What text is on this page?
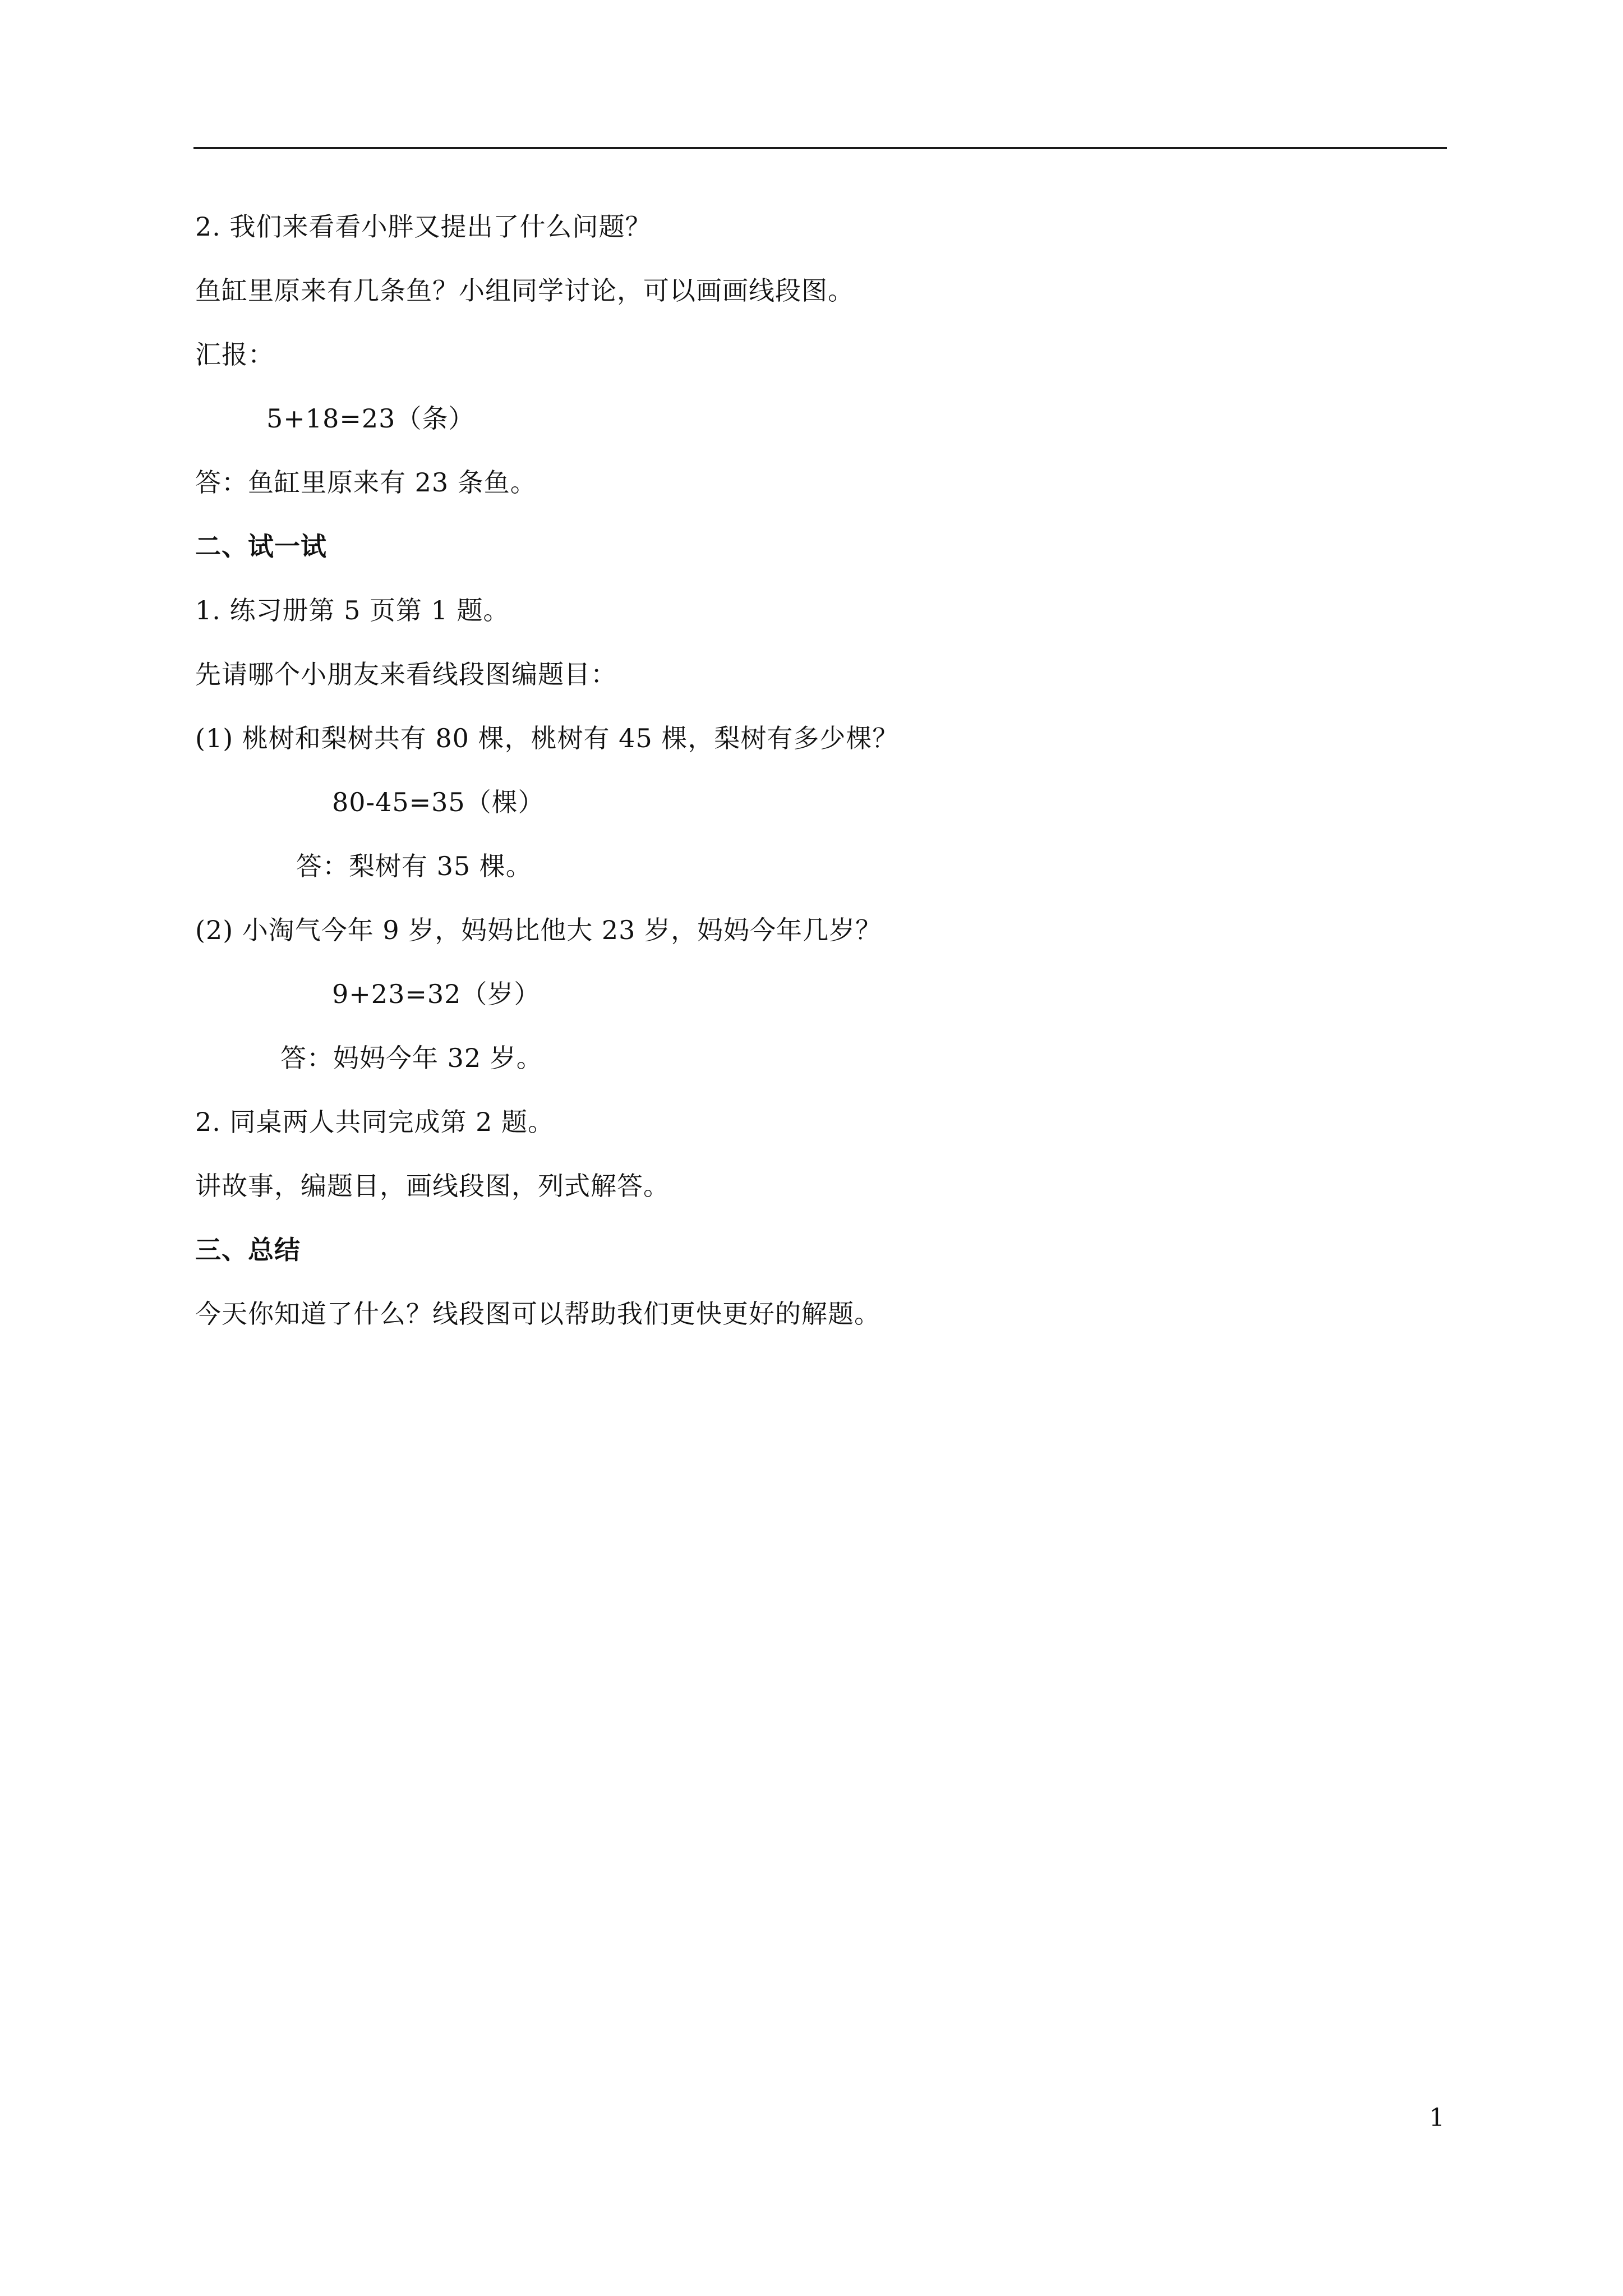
2. 我们来看看小胖又提出了什么问题？
鱼缸里原来有几条鱼？小组同学讨论，可以画画线段图。
汇报：
5+18=23（条）
答：鱼缸里原来有 23 条鱼。
二、试一试
1. 练习册第 5 页第 1 题。
先请哪个小朋友来看线段图编题目：
(1) 桃树和梨树共有 80 棵，桃树有 45 棵，梨树有多少棵？
80-45=35（棵）
答：梨树有 35 棵。
(2) 小淘气今年 9 岁，妈妈比他大 23 岁，妈妈今年几岁？
9+23=32（岁）
答：妈妈今年 32 岁。
2. 同桌两人共同完成第 2 题。
讲故事，编题目，画线段图，列式解答。
三、总结
今天你知道了什么？线段图可以帮助我们更快更好的解题。
1
